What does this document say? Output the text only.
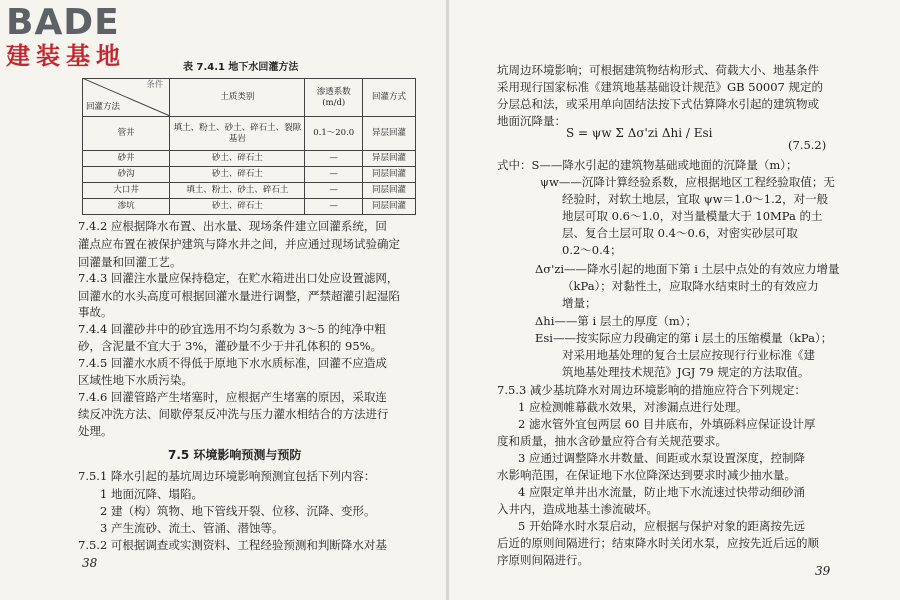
BADE
建装基地	表 7.4.1 地下水回灌方法
条件
回灌方法	土质类别	渗透系数(m/d)	回灌方式
管井	填土、粉土、砂土、碎石土、裂隙基岩	0.1～20.0	异层回灌
砂井	砂土、碎石土	—	异层回灌
砂沟	砂土、碎石土	—	同层回灌
大口井	填土、粉土、砂土、碎石土	—	同层回灌
渗坑	砂土、碎石土	—	同层回灌
7.4.2 应根据降水布置、出水量、现场条件建立回灌系统，回
灌点应布置在被保护建筑与降水井之间，并应通过现场试验确定
回灌量和回灌工艺。
7.4.3 回灌注水量应保持稳定，在贮水箱进出口处应设置滤网，
回灌水的水头高度可根据回灌水量进行调整，严禁超灌引起湿陷
事故。
7.4.4 回灌砂井中的砂宜选用不均匀系数为 3～5 的纯净中粗
砂，含泥量不宜大于 3%，灌砂量不少于井孔体积的 95%。
7.4.5 回灌水水质不得低于原地下水水质标准，回灌不应造成
区域性地下水质污染。
7.4.6 回灌管路产生堵塞时，应根据产生堵塞的原因，采取连
续反冲洗方法、间歇停泵反冲洗与压力灌水相结合的方法进行
处理。
7.5 环境影响预测与预防
7.5.1 降水引起的基坑周边环境影响预测宜包括下列内容：
1 地面沉降、塌陷。
2 建（构）筑物、地下管线开裂、位移、沉降、变形。
3 产生流砂、流土、管涌、潜蚀等。
7.5.2 可根据调查或实测资料、工程经验预测和判断降水对基
38
坑周边环境影响；可根据建筑物结构形式、荷载大小、地基条件
采用现行国家标准《建筑地基基础设计规范》GB 50007 规定的
分层总和法，或采用单向固结法按下式估算降水引起的建筑物或
地面沉降量：
S = ψw Σ Δσ'zi Δhi / Esi
(7.5.2)
式中：S——降水引起的建筑物基础或地面的沉降量（m）；
ψw——沉降计算经验系数，应根据地区工程经验取值；无
经验时，对软土地层，宜取 ψw＝1.0～1.2，对一般
地层可取 0.6～1.0，对当量模量大于 10MPa 的土
层、复合土层可取 0.4～0.6，对密实砂层可取
0.2～0.4；
Δσ'zi——降水引起的地面下第 i 土层中点处的有效应力增量
（kPa）；对黏性土，应取降水结束时土的有效应力
增量；
Δhi——第 i 层土的厚度（m）；
Esi——按实际应力段确定的第 i 层土的压缩模量（kPa）；
对采用地基处理的复合土层应按现行行业标准《建
筑地基处理技术规范》JGJ 79 规定的方法取值。
7.5.3 减少基坑降水对周边环境影响的措施应符合下列规定：
1 应检测帷幕截水效果，对渗漏点进行处理。
2 滤水管外宜包两层 60 目井底布，外填砾料应保证设计厚
度和质量，抽水含砂量应符合有关规范要求。
3 应通过调整降水井数量、间距或水泵设置深度，控制降
水影响范围，在保证地下水位降深达到要求时减少抽水量。
4 应限定单井出水流量，防止地下水流速过快带动细砂涌
入井内，造成地基土渗流破坏。
5 开始降水时水泵启动，应根据与保护对象的距离按先远
后近的原则间隔进行；结束降水时关闭水泵，应按先近后远的顺
序原则间隔进行。
39
